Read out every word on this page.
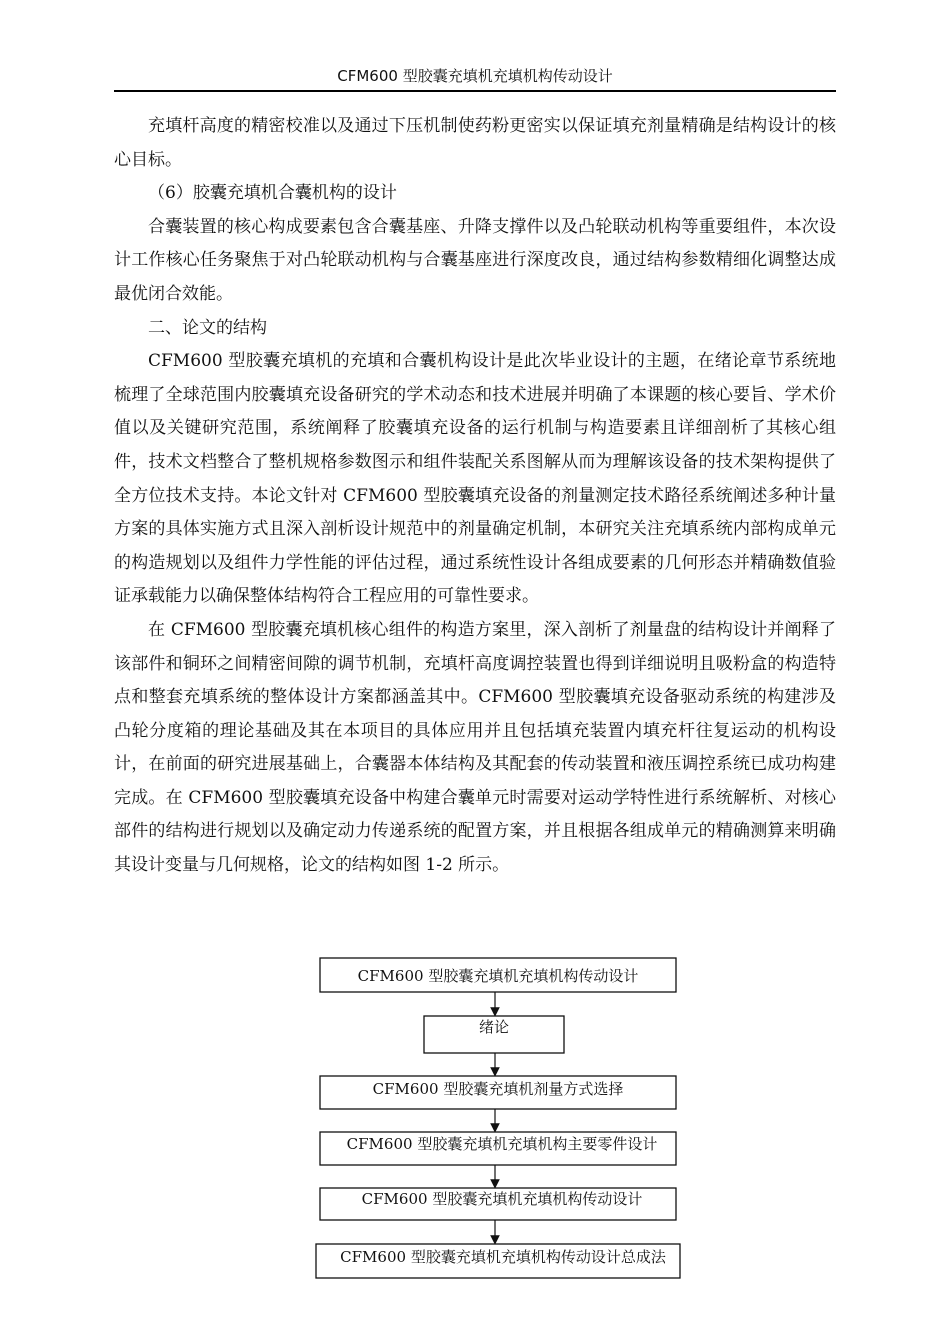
CFM600 型胶囊充填机充填机构传动设计

充填杆高度的精密校准以及通过下压机制使药粉更密实以保证填充剂量精确是结构设计的核心目标。

（6）胶囊充填机合囊机构的设计

合囊装置的核心构成要素包含合囊基座、升降支撑件以及凸轮联动机构等重要组件，本次设计工作核心任务聚焦于对凸轮联动机构与合囊基座进行深度改良，通过结构参数精细化调整达成最优闭合效能。

二、论文的结构

CFM600 型胶囊充填机的充填和合囊机构设计是此次毕业设计的主题，在绪论章节系统地梳理了全球范围内胶囊填充设备研究的学术动态和技术进展并明确了本课题的核心要旨、学术价值以及关键研究范围，系统阐释了胶囊填充设备的运行机制与构造要素且详细剖析了其核心组件，技术文档整合了整机规格参数图示和组件装配关系图解从而为理解该设备的技术架构提供了全方位技术支持。本论文针对 CFM600 型胶囊填充设备的剂量测定技术路径系统阐述多种计量方案的具体实施方式且深入剖析设计规范中的剂量确定机制，本研究关注充填系统内部构成单元的构造规划以及组件力学性能的评估过程，通过系统性设计各组成要素的几何形态并精确数值验证承载能力以确保整体结构符合工程应用的可靠性要求。

在 CFM600 型胶囊充填机核心组件的构造方案里，深入剖析了剂量盘的结构设计并阐释了该部件和铜环之间精密间隙的调节机制，充填杆高度调控装置也得到详细说明且吸粉盒的构造特点和整套充填系统的整体设计方案都涵盖其中。CFM600 型胶囊填充设备驱动系统的构建涉及凸轮分度箱的理论基础及其在本项目的具体应用并且包括填充装置内填充杆往复运动的机构设计，在前面的研究进展基础上，合囊器本体结构及其配套的传动装置和液压调控系统已成功构建完成。在 CFM600 型胶囊填充设备中构建合囊单元时需要对运动学特性进行系统解析、对核心部件的结构进行规划以及确定动力传递系统的配置方案，并且根据各组成单元的精确测算来明确其设计变量与几何规格，论文的结构如图 1-2 所示。

CFM600 型胶囊充填机充填机构传动设计
绪论
CFM600 型胶囊充填机剂量方式选择
CFM600 型胶囊充填机充填机构主要零件设计
CFM600 型胶囊充填机充填机构传动设计
CFM600 型胶囊充填机充填机构传动设计总成法
